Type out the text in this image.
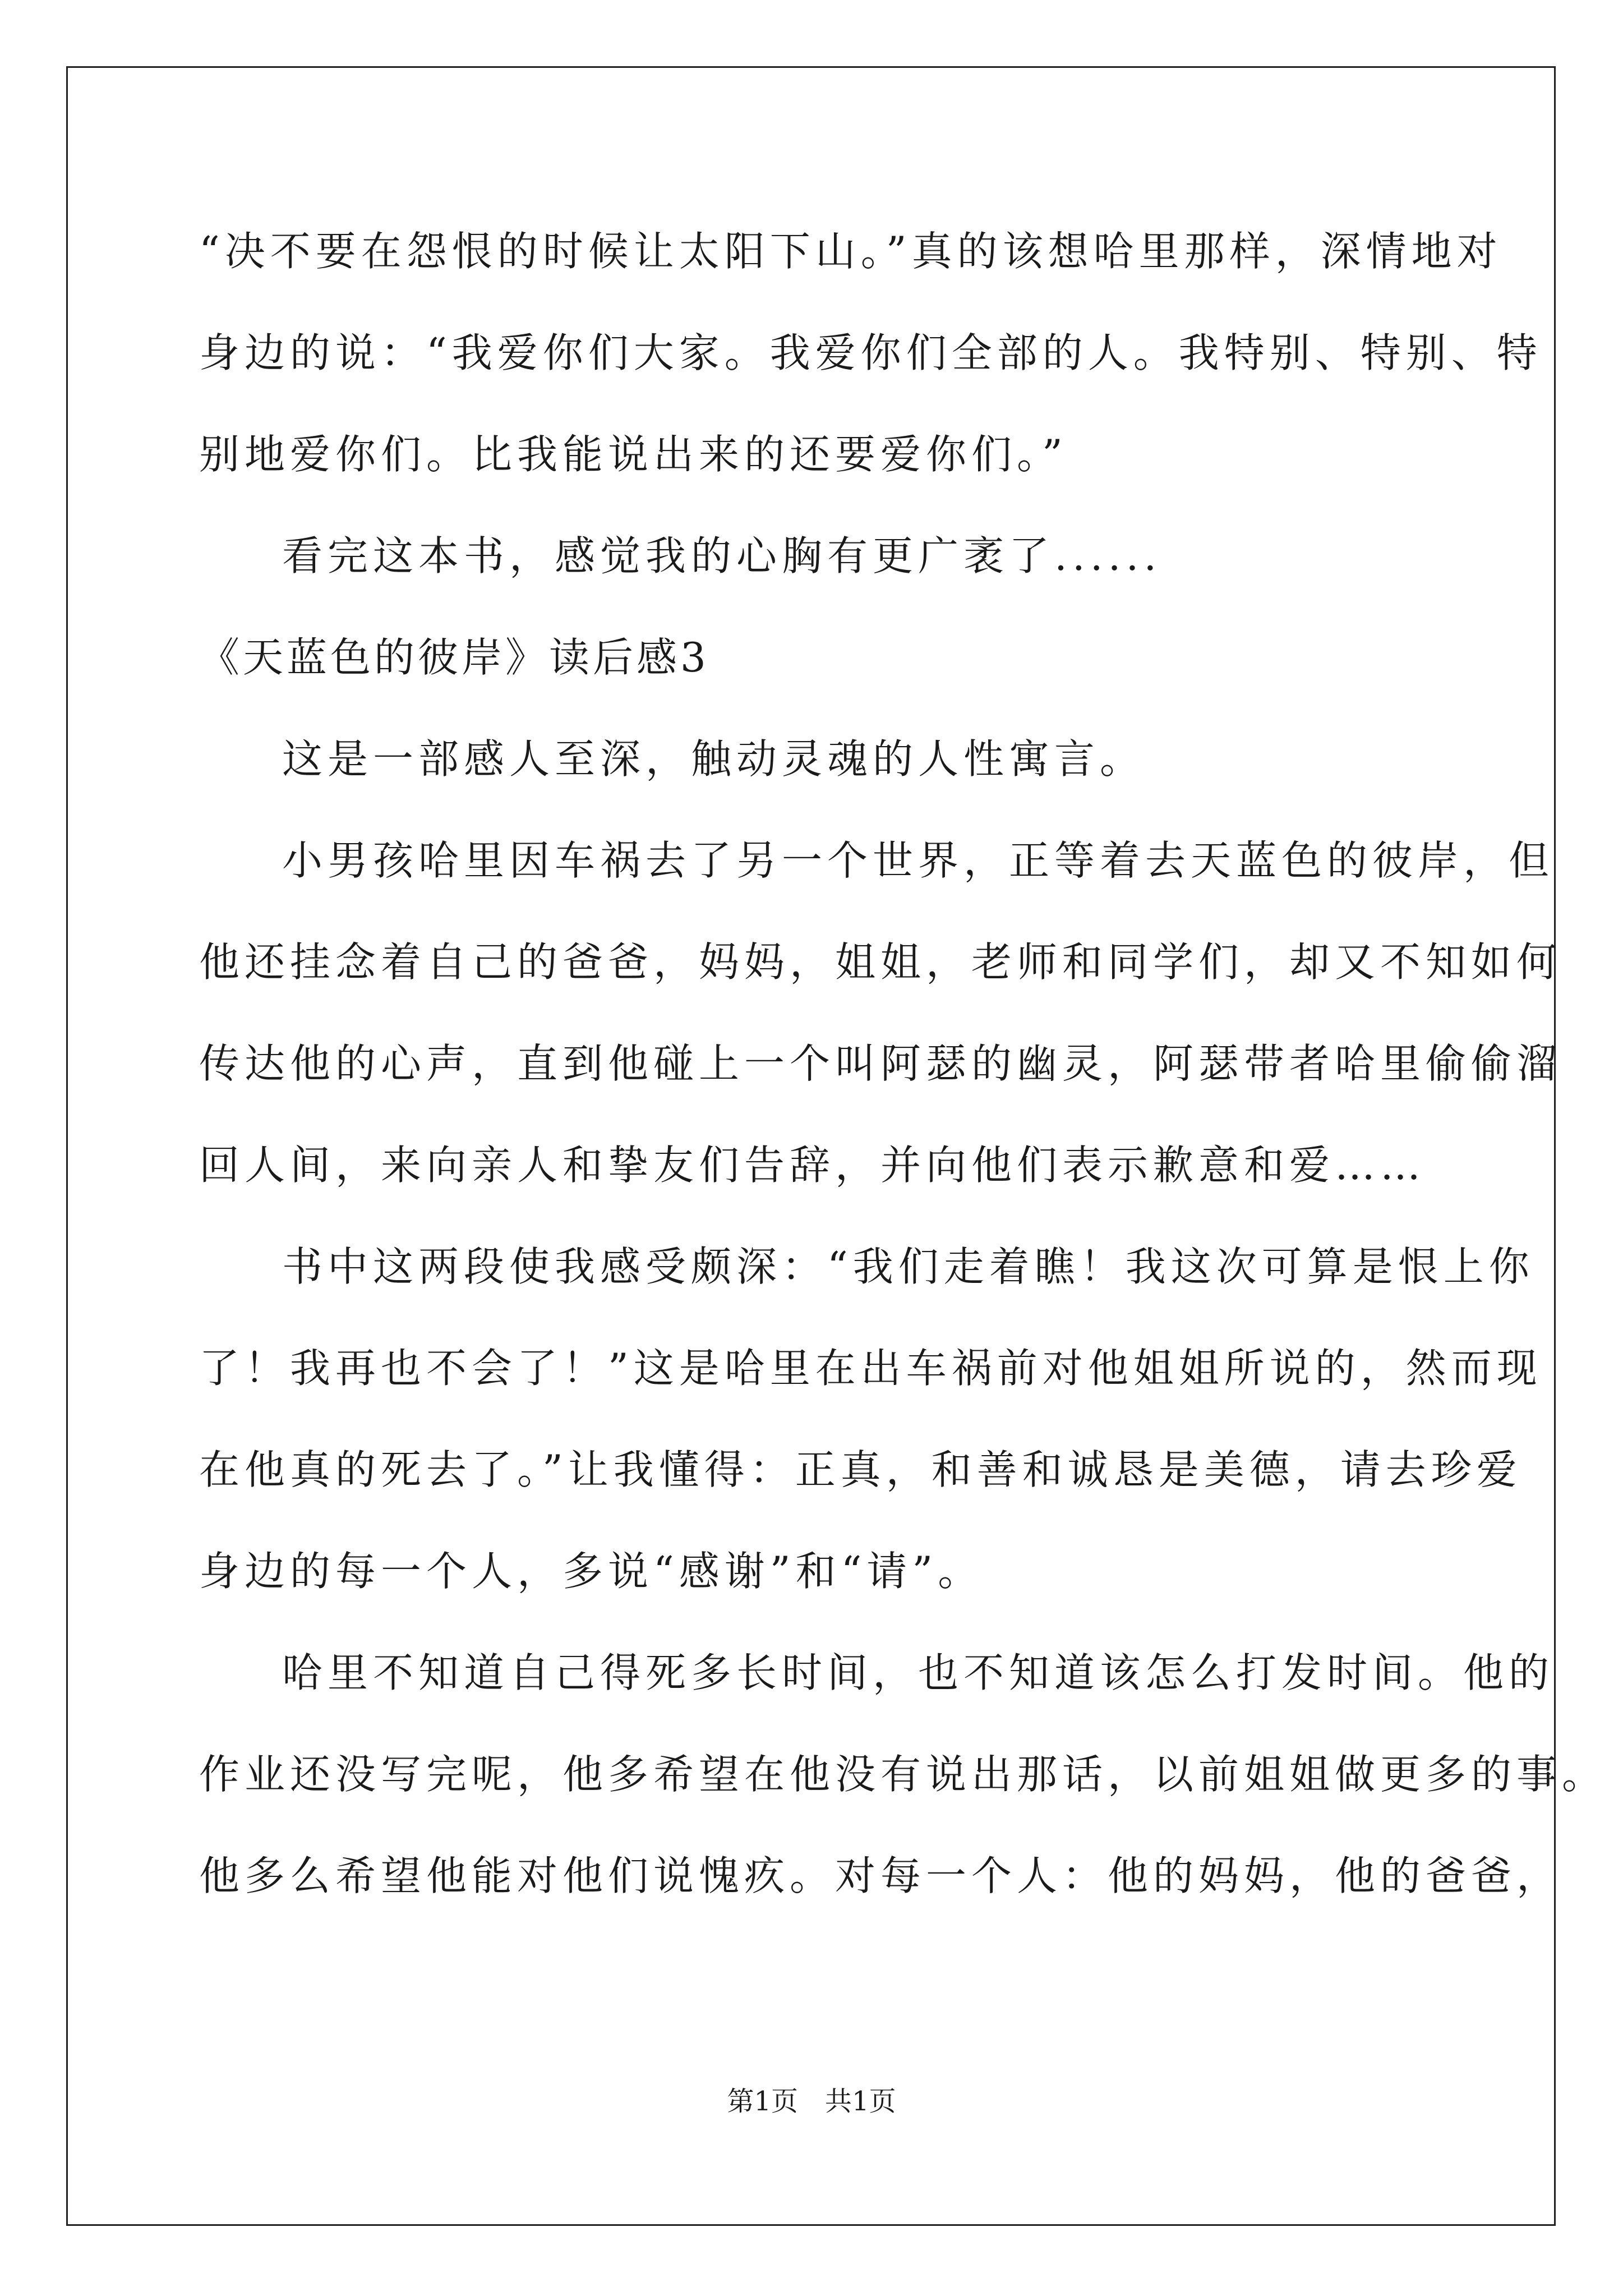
“决不要在怨恨的时候让太阳下山。”真的该想哈里那样，深情地对
身边的说：“我爱你们大家。我爱你们全部的人。我特别、特别、特
别地爱你们。比我能说出来的还要爱你们。”
看完这本书，感觉我的心胸有更广袤了......
《天蓝色的彼岸》读后感3
这是一部感人至深，触动灵魂的人性寓言。
小男孩哈里因车祸去了另一个世界，正等着去天蓝色的彼岸，但
他还挂念着自己的爸爸，妈妈，姐姐，老师和同学们，却又不知如何
传达他的心声，直到他碰上一个叫阿瑟的幽灵，阿瑟带者哈里偷偷溜
回人间，来向亲人和挚友们告辞，并向他们表示歉意和爱……
书中这两段使我感受颇深：“我们走着瞧！我这次可算是恨上你
了！我再也不会了！”这是哈里在出车祸前对他姐姐所说的，然而现
在他真的死去了。”让我懂得：正真，和善和诚恳是美德，请去珍爱
身边的每一个人，多说“感谢”和“请”。
哈里不知道自己得死多长时间，也不知道该怎么打发时间。他的
作业还没写完呢，他多希望在他没有说出那话，以前姐姐做更多的事。
他多么希望他能对他们说愧疚。对每一个人：他的妈妈，他的爸爸，
第1页　共1页
